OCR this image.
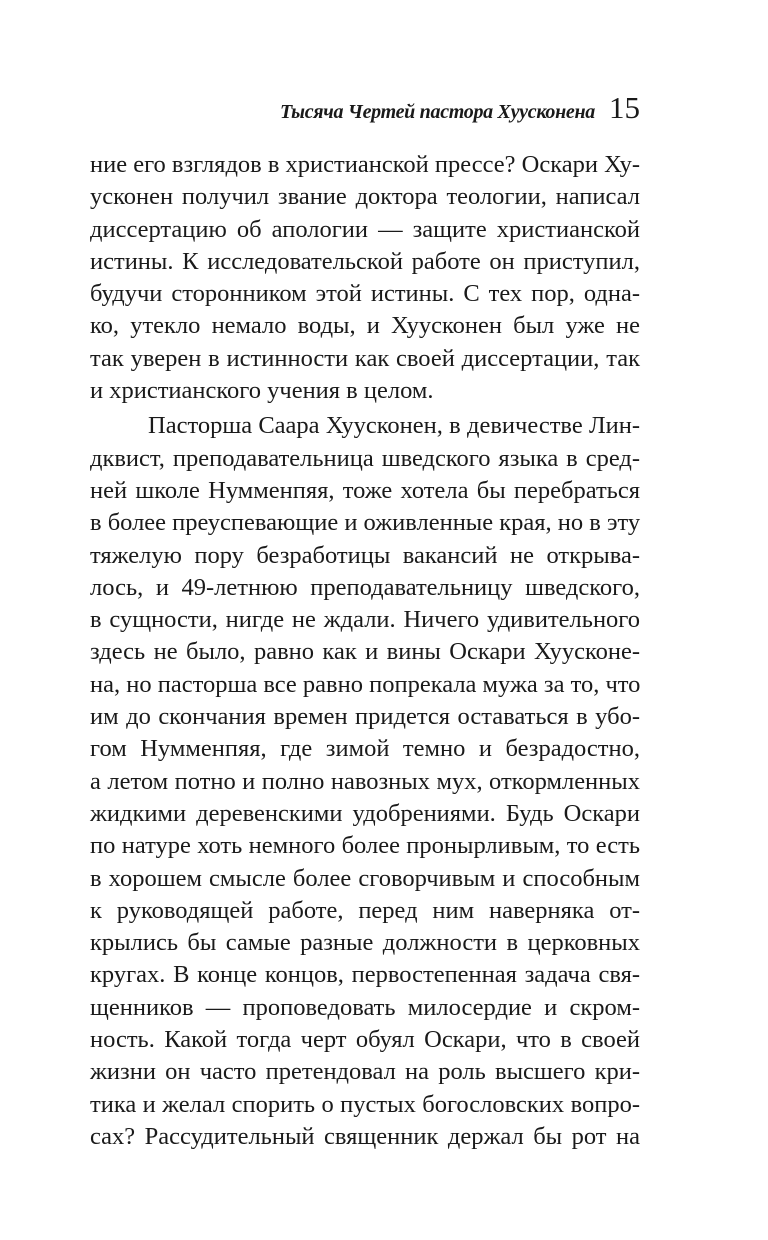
Тысяча Чертей пастора Хуусконена 15
ние его взглядов в христианской прессе? Оскари Ху-
усконен получил звание доктора теологии, написал
диссертацию об апологии — защите христианской
истины. К исследовательской работе он приступил,
будучи сторонником этой истины. С тех пор, одна-
ко, утекло немало воды, и Хуусконен был уже не
так уверен в истинности как своей диссертации, так
и христианского учения в целом.
Пасторша Саара Хуусконен, в девичестве Лин-
дквист, преподавательница шведского языка в сред-
ней школе Нумменпяя, тоже хотела бы перебраться
в более преуспевающие и оживленные края, но в эту
тяжелую пору безработицы вакансий не открыва-
лось, и 49-летнюю преподавательницу шведского,
в сущности, нигде не ждали. Ничего удивительного
здесь не было, равно как и вины Оскари Хуусконе-
на, но пасторша все равно попрекала мужа за то, что
им до скончания времен придется оставаться в убо-
гом Нумменпяя, где зимой темно и безрадостно,
а летом потно и полно навозных мух, откормленных
жидкими деревенскими удобрениями. Будь Оскари
по натуре хоть немного более пронырливым, то есть
в хорошем смысле более сговорчивым и способным
к руководящей работе, перед ним наверняка от-
крылись бы самые разные должности в церковных
кругах. В конце концов, первостепенная задача свя-
щенников — проповедовать милосердие и скром-
ность. Какой тогда черт обуял Оскари, что в своей
жизни он часто претендовал на роль высшего кри-
тика и желал спорить о пустых богословских вопро-
сах? Рассудительный священник держал бы рот на
